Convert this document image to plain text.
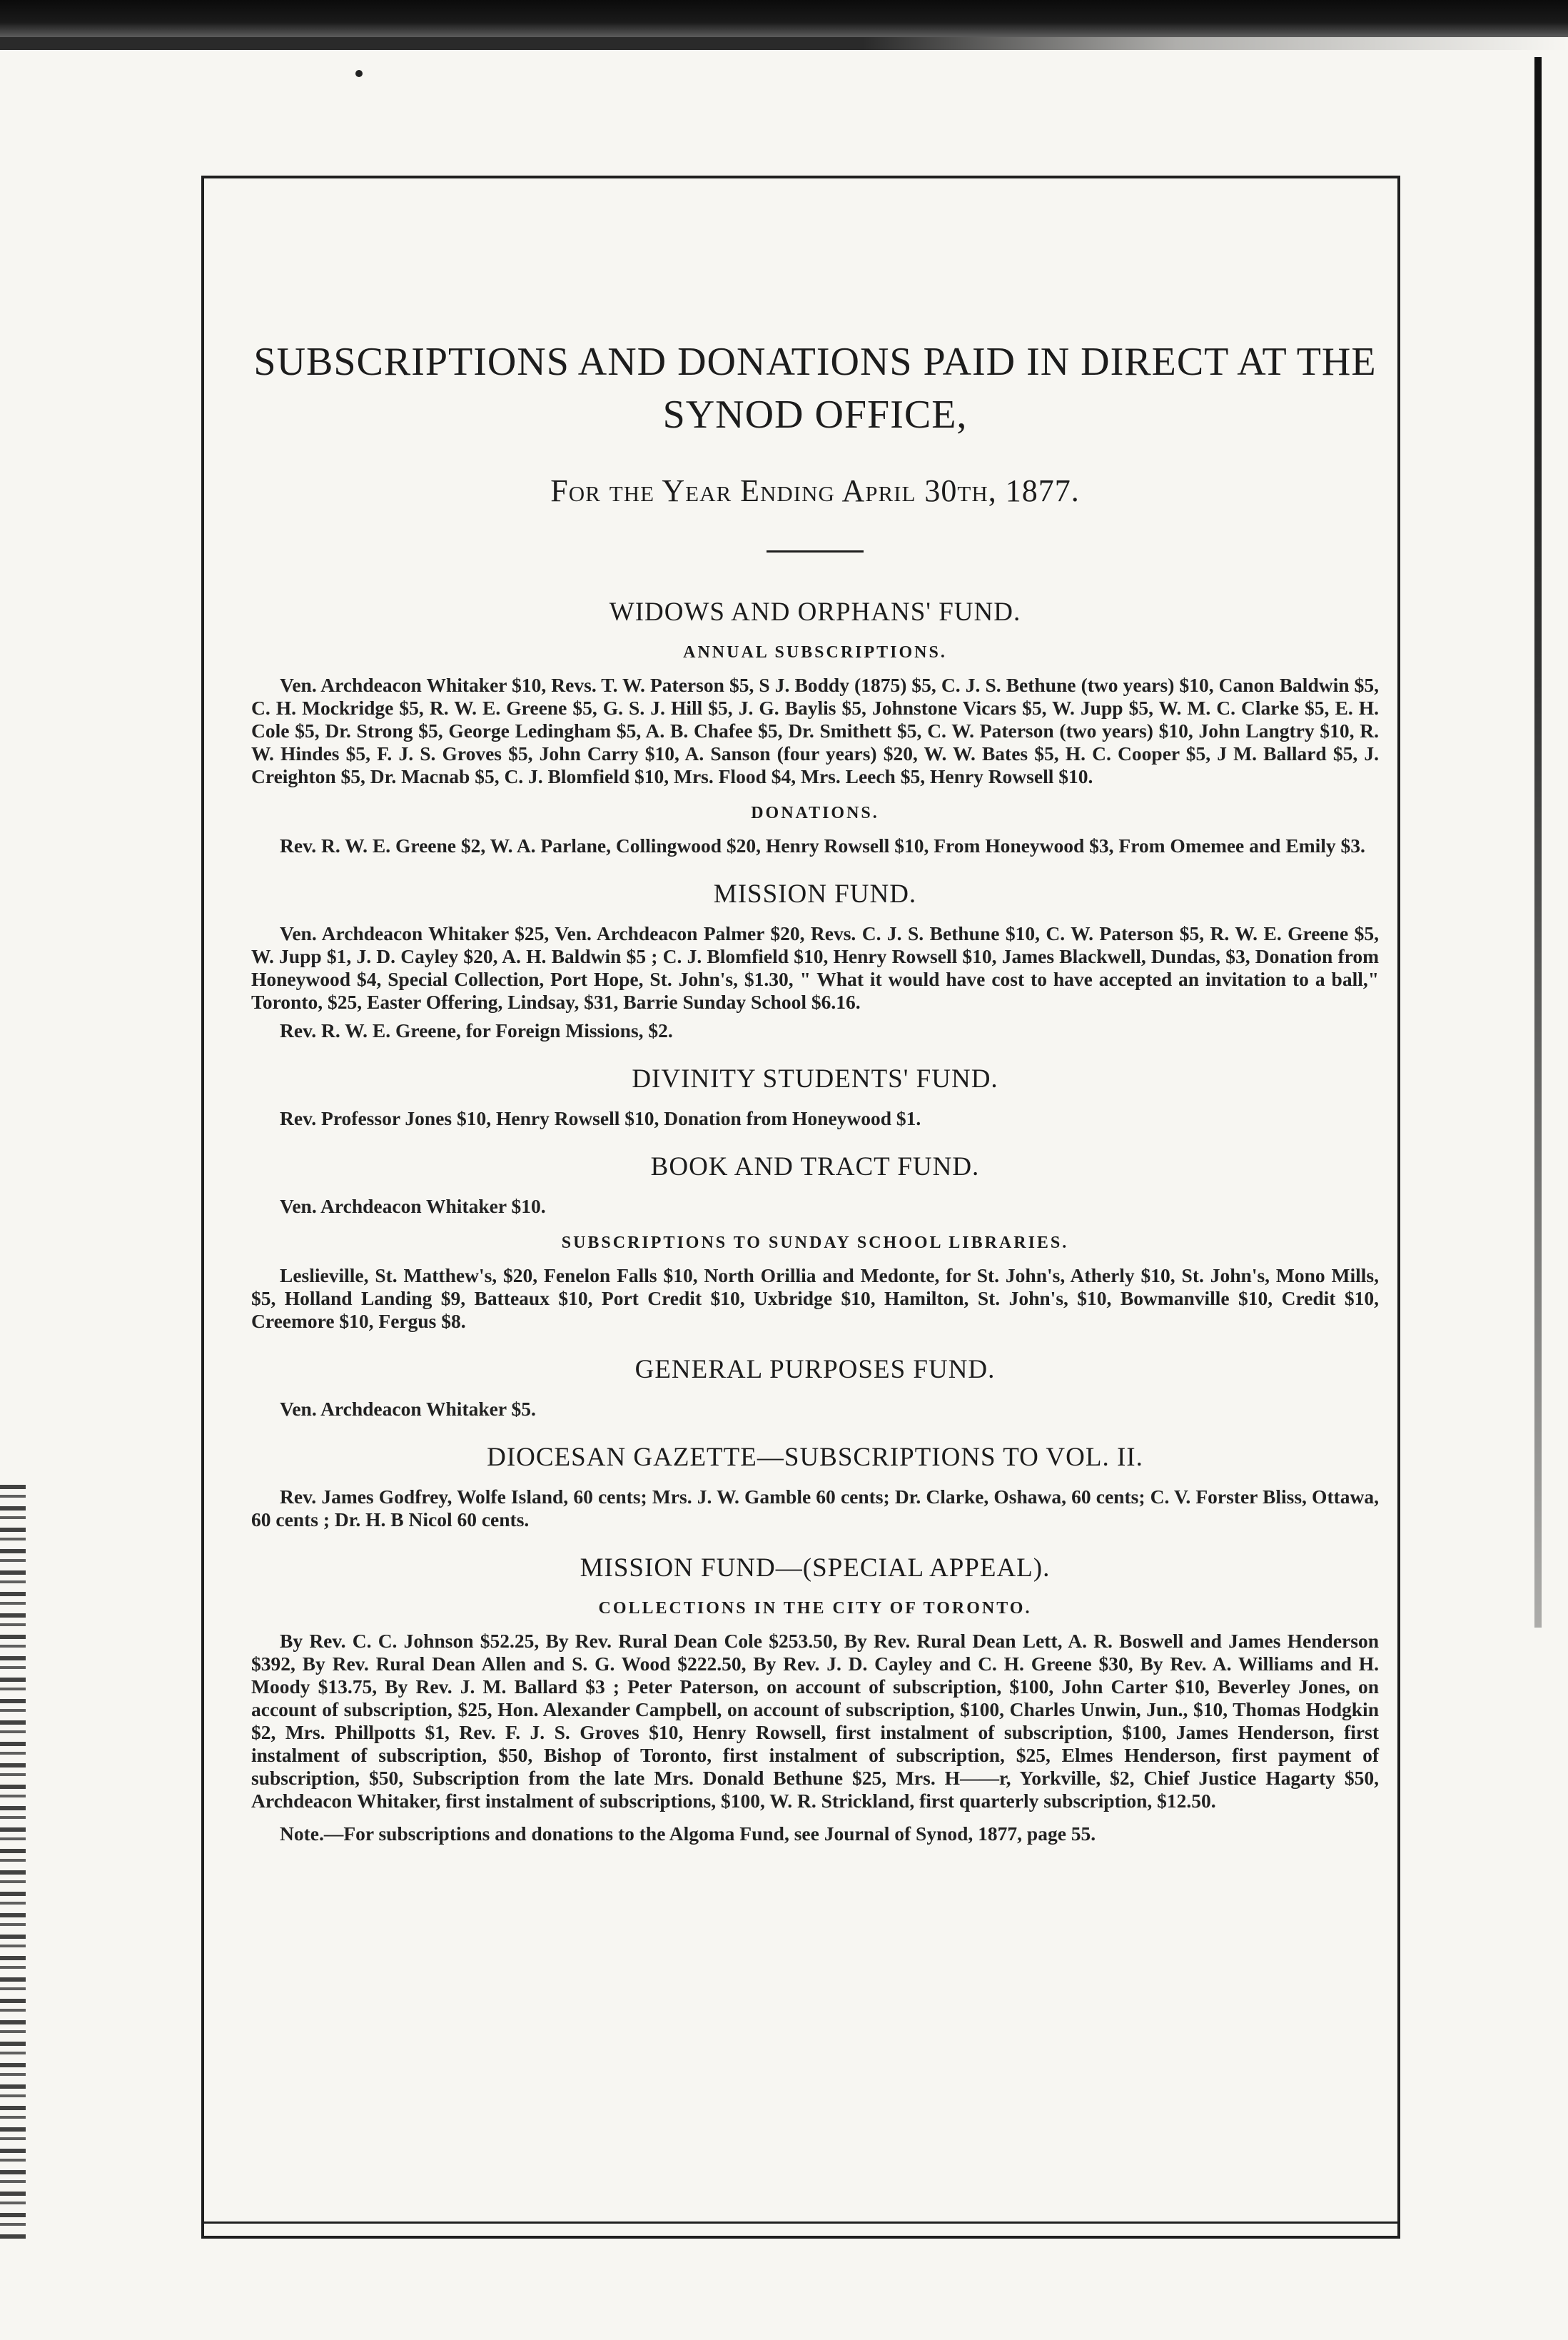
SUBSCRIPTIONS AND DONATIONS PAID IN DIRECT AT THE SYNOD OFFICE,
For the Year Ending April 30th, 1877.
WIDOWS AND ORPHANS' FUND.
ANNUAL SUBSCRIPTIONS.

Ven. Archdeacon Whitaker $10, Revs. T. W. Paterson $5, S J. Boddy (1875) $5, C. J. S. Bethune (two years) $10, Canon Baldwin $5, C. H. Mockridge $5, R. W. E. Greene $5, G. S. J. Hill $5, J. G. Baylis $5, Johnstone Vicars $5, W. Jupp $5, W. M. C. Clarke $5, E. H. Cole $5, Dr. Strong $5, George Ledingham $5, A. B. Chafee $5, Dr. Smithett $5, C. W. Paterson (two years) $10, John Langtry $10, R. W. Hindes $5, F. J. S. Groves $5, John Carry $10, A. Sanson (four years) $20, W. W. Bates $5, H. C. Cooper $5, J M. Ballard $5, J. Creighton $5, Dr. Macnab $5, C. J. Blomfield $10, Mrs. Flood $4, Mrs. Leech $5, Henry Rowsell $10.

DONATIONS.

Rev. R. W. E. Greene $2, W. A. Parlane, Collingwood $20, Henry Rowsell $10, From Honeywood $3, From Omemee and Emily $3.

MISSION FUND.

Ven. Archdeacon Whitaker $25, Ven. Archdeacon Palmer $20, Revs. C. J. S. Bethune $10, C. W. Paterson $5, R. W. E. Greene $5, W. Jupp $1, J. D. Cayley $20, A. H. Baldwin $5 ; C. J. Blomfield $10, Henry Rowsell $10, James Blackwell, Dundas, $3, Donation from Honeywood $4, Special Collection, Port Hope, St. John's, $1.30, " What it would have cost to have accepted an invitation to a ball," Toronto, $25, Easter Offering, Lindsay, $31, Barrie Sunday School $6.16.

Rev. R. W. E. Greene, for Foreign Missions, $2.

DIVINITY STUDENTS' FUND.

Rev. Professor Jones $10, Henry Rowsell $10, Donation from Honeywood $1.

BOOK AND TRACT FUND.

Ven. Archdeacon Whitaker $10.

SUBSCRIPTIONS TO SUNDAY SCHOOL LIBRARIES.

Leslieville, St. Matthew's, $20, Fenelon Falls $10, North Orillia and Medonte, for St. John's, Atherly $10, St. John's, Mono Mills, $5, Holland Landing $9, Batteaux $10, Port Credit $10, Uxbridge $10, Hamilton, St. John's, $10, Bowmanville $10, Credit $10, Creemore $10, Fergus $8.

GENERAL PURPOSES FUND.

Ven. Archdeacon Whitaker $5.

DIOCESAN GAZETTE—SUBSCRIPTIONS TO VOL. II.

Rev. James Godfrey, Wolfe Island, 60 cents; Mrs. J. W. Gamble 60 cents; Dr. Clarke, Oshawa, 60 cents; C. V. Forster Bliss, Ottawa, 60 cents ; Dr. H. B Nicol 60 cents.

MISSION FUND—(SPECIAL APPEAL).
COLLECTIONS IN THE CITY OF TORONTO.

By Rev. C. C. Johnson $52.25, By Rev. Rural Dean Cole $253.50, By Rev. Rural Dean Lett, A. R. Boswell and James Henderson $392, By Rev. Rural Dean Allen and S. G. Wood $222.50, By Rev. J. D. Cayley and C. H. Greene $30, By Rev. A. Williams and H. Moody $13.75, By Rev. J. M. Ballard $3 ; Peter Paterson, on account of subscription, $100, John Carter $10, Beverley Jones, on account of subscription, $25, Hon. Alexander Campbell, on account of subscription, $100, Charles Unwin, Jun., $10, Thomas Hodgkin $2, Mrs. Phillpotts $1, Rev. F. J. S. Groves $10, Henry Rowsell, first instalment of subscription, $100, James Henderson, first instalment of subscription, $50, Bishop of Toronto, first instalment of subscription, $25, Elmes Henderson, first payment of subscription, $50, Subscription from the late Mrs. Donald Bethune $25, Mrs. H——r, Yorkville, $2, Chief Justice Hagarty $50, Archdeacon Whitaker, first instalment of subscriptions, $100, W. R. Strickland, first quarterly subscription, $12.50.

Note.—For subscriptions and donations to the Algoma Fund, see Journal of Synod, 1877, page 55.
